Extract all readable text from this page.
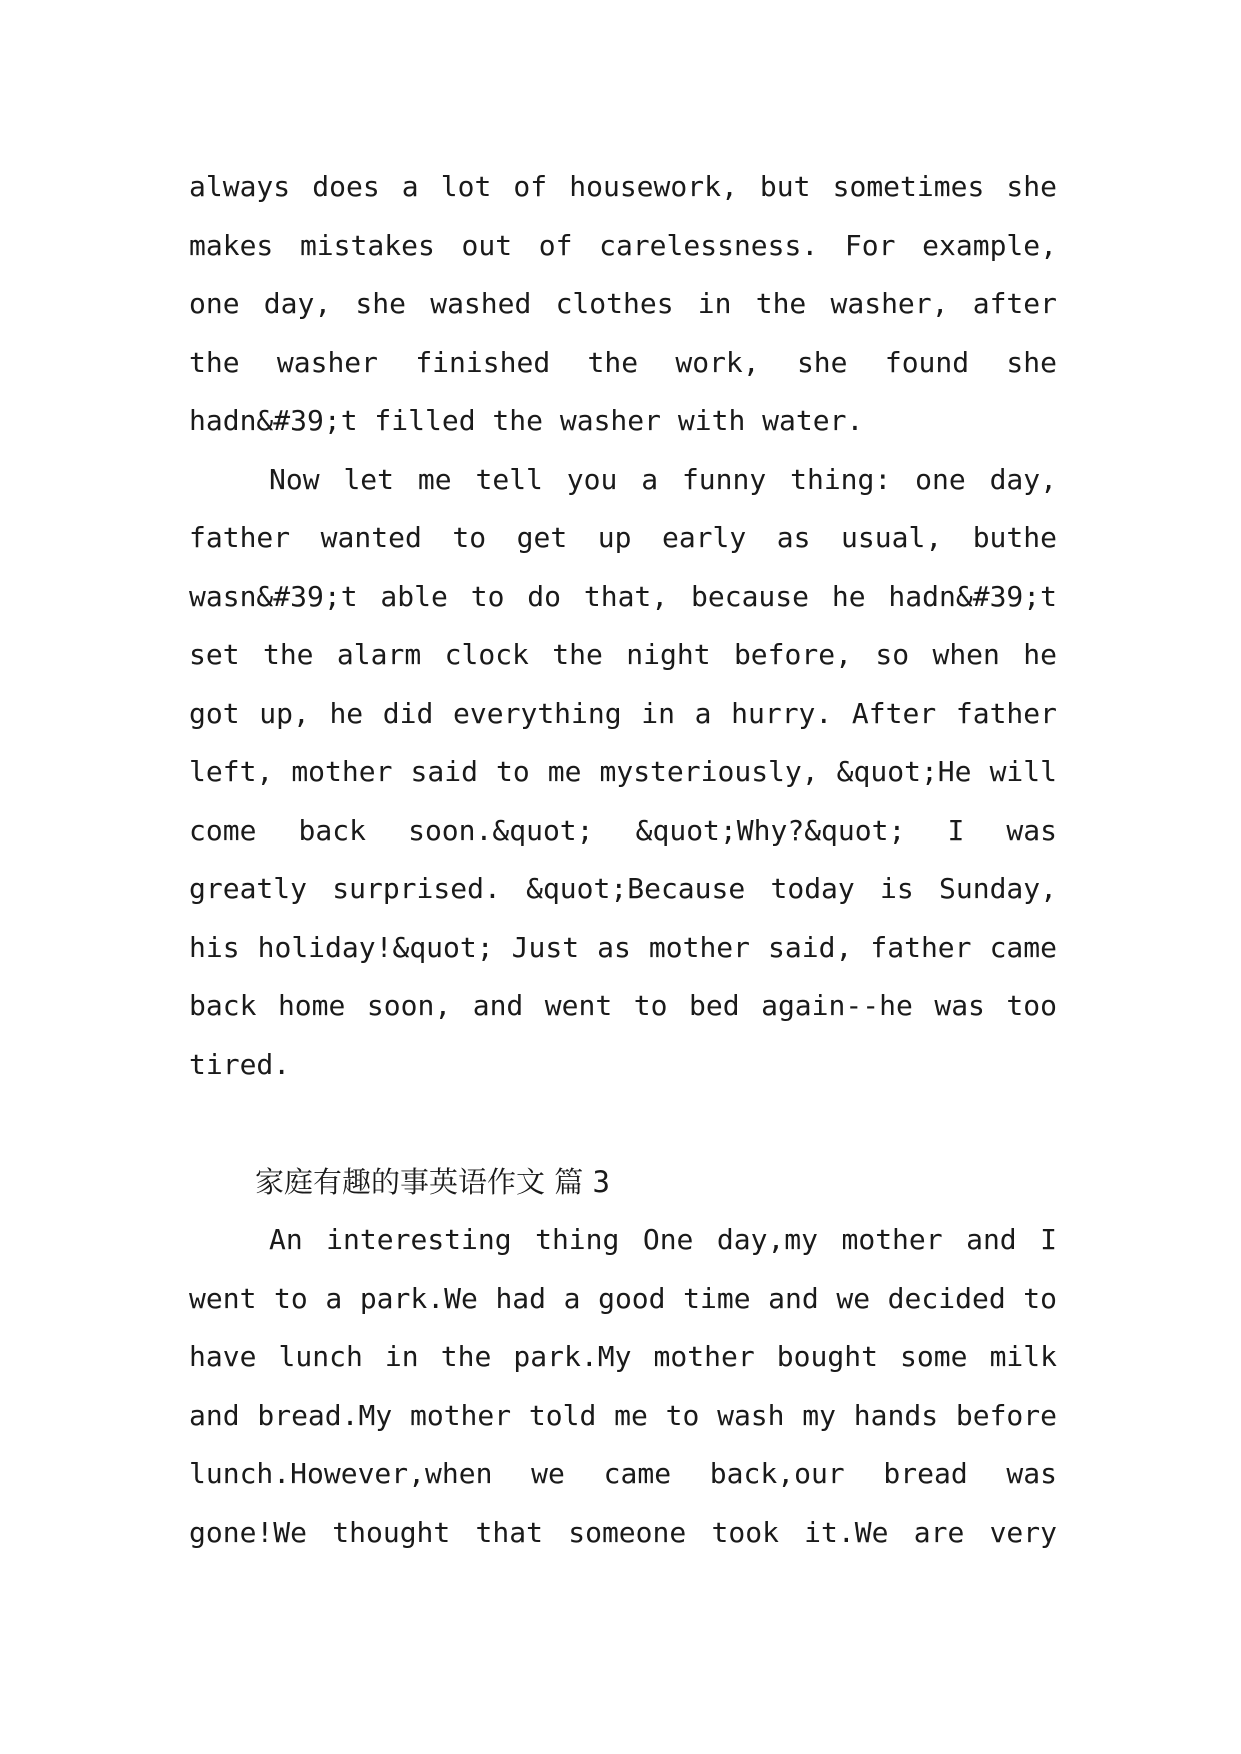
always does a lot of housework, but sometimes she
makes mistakes out of carelessness. For example,
one day, she washed clothes in the washer, after
the washer finished the work, she found she
hadn&#39;t filled the washer with water.
Now let me tell you a funny thing: one day,
father wanted to get up early as usual, buthe
wasn&#39;t able to do that, because he hadn&#39;t
set the alarm clock the night before, so when he
got up, he did everything in a hurry. After father
left, mother said to me mysteriously, &quot;He will
come back soon.&quot; &quot;Why?&quot; I was
greatly surprised. &quot;Because today is Sunday,
his holiday!&quot; Just as mother said, father came
back home soon, and went to bed again--he was too
tired.
家庭有趣的事英语作文 篇 3
An interesting thing One day,my mother and I
went to a park.We had a good time and we decided to
have lunch in the park.My mother bought some milk
and bread.My mother told me to wash my hands before
lunch.However,when we came back,our bread was
gone!We thought that someone took it.We are very
